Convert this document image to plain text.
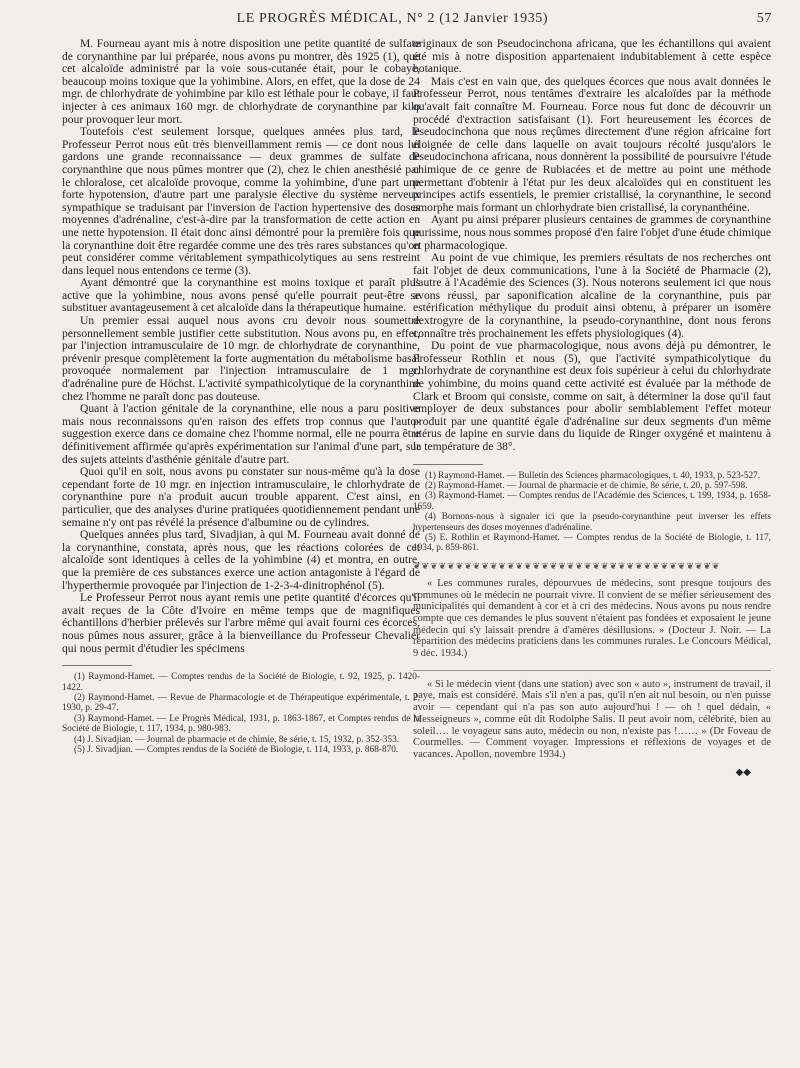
LE PROGRÈS MÉDICAL, N° 2 (12 Janvier 1935)	57

M. Fourneau ayant mis à notre disposition une petite quantité de sulfate de corynanthine par lui préparée, nous avons pu montrer, dès 1925 (1), que cet alcaloïde administré par la voie sous-cutanée était, pour le cobaye, beaucoup moins toxique que la yohimbine. Alors, en effet, que la dose de 24 mgr. de chlorhydrate de yohimbine par kilo est léthale pour le cobaye, il faut injecter à ces animaux 160 mgr. de chlorhydrate de corynanthine par kilo pour provoquer leur mort.

Toutefois c'est seulement lorsque, quelques années plus tard, le Professeur Perrot nous eût très bienveillamment remis — ce dont nous lui gardons une grande reconnaissance — deux grammes de sulfate de corynanthine que nous pûmes montrer que (2), chez le chien anesthésié par le chloralose, cet alcaloïde provoque, comme la yohimbine, d'une part une forte hypotension, d'autre part une paralysie élective du système nerveux sympathique se traduisant par l'inversion de l'action hypertensive des doses moyennes d'adrénaline, c'est-à-dire par la transformation de cette action en une nette hypotension. Il était donc ainsi démontré pour la première fois que la corynanthine doit être regardée comme une des très rares substances qu'on peut considérer comme véritablement sympathicolytiques au sens restreint dans lequel nous entendons ce terme (3).

Ayant démontré que la corynanthine est moins toxique et paraît plus active que la yohimbine, nous avons pensé qu'elle pourrait peut-être se substituer avantageusement à cet alcaloïde dans la thérapeutique humaine.

Un premier essai auquel nous avons cru devoir nous soumettre personnellement semble justifier cette substitution. Nous avons pu, en effet, par l'injection intramusculaire de 10 mgr. de chlorhydrate de corynanthine, prévenir presque complètement la forte augmentation du métabolisme basal provoquée normalement par l'injection intramusculaire de 1 mgr. d'adrénaline pure de Höchst. L'activité sympathicolytique de la corynanthine chez l'homme ne paraît donc pas douteuse.

Quant à l'action génitale de la corynanthine, elle nous a paru positive mais nous reconnaissons qu'en raison des effets trop connus que l'auto-suggestion exerce dans ce domaine chez l'homme normal, elle ne pourra être définitivement affirmée qu'après expérimentation sur l'animal d'une part, sur des sujets atteints d'asthénie génitale d'autre part.

Quoi qu'il en soit, nous avons pu constater sur nous-même qu'à la dose cependant forte de 10 mgr. en injection intramusculaire, le chlorhydrate de corynanthine pure n'a produit aucun trouble apparent. C'est ainsi, en particulier, que des analyses d'urine pratiquées quotidiennement pendant une semaine n'y ont pas révélé la présence d'albumine ou de cylindres.

Quelques années plus tard, Sivadjian, à qui M. Fourneau avait donné de la corynanthine, constata, après nous, que les réactions colorées de cet alcaloïde sont identiques à celles de la yohimbine (4) et montra, en outre, que la première de ces substances exerce une action antagoniste à l'égard de l'hyperthermie provoquée par l'injection de 1-2-3-4-dinitrophénol (5).

Le Professeur Perrot nous ayant remis une petite quantité d'écorces qu'il avait reçues de la Côte d'Ivoire en même temps que de magnifiques échantillons d'herbier prélevés sur l'arbre même qui avait fourni ces écorces, nous pûmes nous assurer, grâce à la bienveillance du Professeur Chevalier qui nous permit d'étudier les spécimens

(1) Raymond-Hamet. — Comptes rendus de la Société de Biologie, t. 92, 1925, p. 1420-1422.

(2) Raymond-Hamet. — Revue de Pharmacologie et de Thérapeutique expérimentale, t. 2, 1930, p. 29-47.

(3) Raymond-Hamet. — Le Progrès Médical, 1931, p. 1863-1867, et Comptes rendus de la Société de Biologie, t. 117, 1934, p. 980-983.

(4) J. Sivadjian. — Journal de pharmacie et de chimie, 8e série, t. 15, 1932, p. 352-353.

(5) J. Sivadjian. — Comptes rendus de la Société de Biologie, t. 114, 1933, p. 868-870.

originaux de son Pseudocinchona africana, que les échantillons qui avaient été mis à notre disposition appartenaient indubitablement à cette espèce botanique.

Mais c'est en vain que, des quelques écorces que nous avait données le Professeur Perrot, nous tentâmes d'extraire les alcaloïdes par la méthode qu'avait fait connaître M. Fourneau. Force nous fut donc de découvrir un procédé d'extraction satisfaisant (1). Fort heureusement les écorces de Pseudocinchona que nous reçûmes directement d'une région africaine fort éloignée de celle dans laquelle on avait toujours récolté jusqu'alors le Pseudocinchona africana, nous donnèrent la possibilité de poursuivre l'étude chimique de ce genre de Rubiacées et de mettre au point une méthode permettant d'obtenir à l'état pur les deux alcaloïdes qui en constituent les principes actifs essentiels, le premier cristallisé, la corynanthine, le second amorphe mais formant un chlorhydrate bien cristallisé, la corynanthéine.

Ayant pu ainsi préparer plusieurs centaines de grammes de corynanthine purissime, nous nous sommes proposé d'en faire l'objet d'une étude chimique et pharmacologique.

Au point de vue chimique, les premiers résultats de nos recherches ont fait l'objet de deux communications, l'une à la Société de Pharmacie (2), l'autre à l'Académie des Sciences (3). Nous noterons seulement ici que nous avons réussi, par saponification alcaline de la corynanthine, puis par estérification méthylique du produit ainsi obtenu, à préparer un isomère dextrogyre de la corynanthine, la pseudo-corynanthine, dont nous ferons connaître très prochainement les effets physiologiques (4).

Du point de vue pharmacologique, nous avons déjà pu démontrer, le Professeur Rothlin et nous (5), que l'activité sympathicolytique du chlorhydrate de corynanthine est deux fois supérieur à celui du chlorhydrate de yohimbine, du moins quand cette activité est évaluée par la méthode de Clark et Broom qui consiste, comme on sait, à déterminer la dose qu'il faut employer de deux substances pour abolir semblablement l'effet moteur produit par une quantité égale d'adrénaline sur deux segments d'un même utérus de lapine en survie dans du liquide de Ringer oxygéné et maintenu à la température de 38°.

(1) Raymond-Hamet. — Bulletin des Sciences pharmacologiques, t. 40, 1933, p. 523-527.

(2) Raymond-Hamet. — Journal de pharmacie et de chimie, 8e série, t. 20, p. 597-598.

(3) Raymond-Hamet. — Comptes rendus de l'Académie des Sciences, t. 199, 1934, p. 1658-1659.

(4) Bornons-nous à signaler ici que la pseudo-corynanthine peut inverser les effets hypertenseurs des doses moyennes d'adrénaline.

(5) E. Rothlin et Raymond-Hamet. — Comptes rendus de la Société de Biologie, t. 117, 1934, p. 859-861.

❦❦❦❦❦❦❦❦❦❦❦❦❦❦❦❦❦❦❦❦❦❦❦❦❦❦❦❦❦❦❦❦❦❦❦❦

« Les communes rurales, dépourvues de médecins, sont presque toujours des communes où le médecin ne pourrait vivre. Il convient de se méfier sérieusement des municipalités qui demandent à cor et à cri des médecins. Nous avons pu nous rendre compte que ces demandes le plus souvent n'étaient pas fondées et exposaient le jeune médecin qui s'y laissait prendre à d'amères désillusions. » (Docteur J. Noir. — La répartition des médecins praticiens dans les communes rurales. Le Concours Médical, 9 déc. 1934.)

« Si le médecin vient (dans une station) avec son « auto », instrument de travail, il paye, mais est considéré. Mais s'il n'en a pas, qu'il n'en ait nul besoin, ou n'en puisse avoir — cependant qui n'a pas son auto aujourd'hui ! — oh ! quel dédain, « Messeigneurs », comme eût dit Rodolphe Salis. Il peut avoir nom, célébrité, bien au soleil…. le voyageur sans auto, médecin ou non, n'existe pas !…… » (Dr Foveau de Courmelles. — Comment voyager. Impressions et réflexions de voyages et de vacances. Apollon, novembre 1934.)

◆◆
